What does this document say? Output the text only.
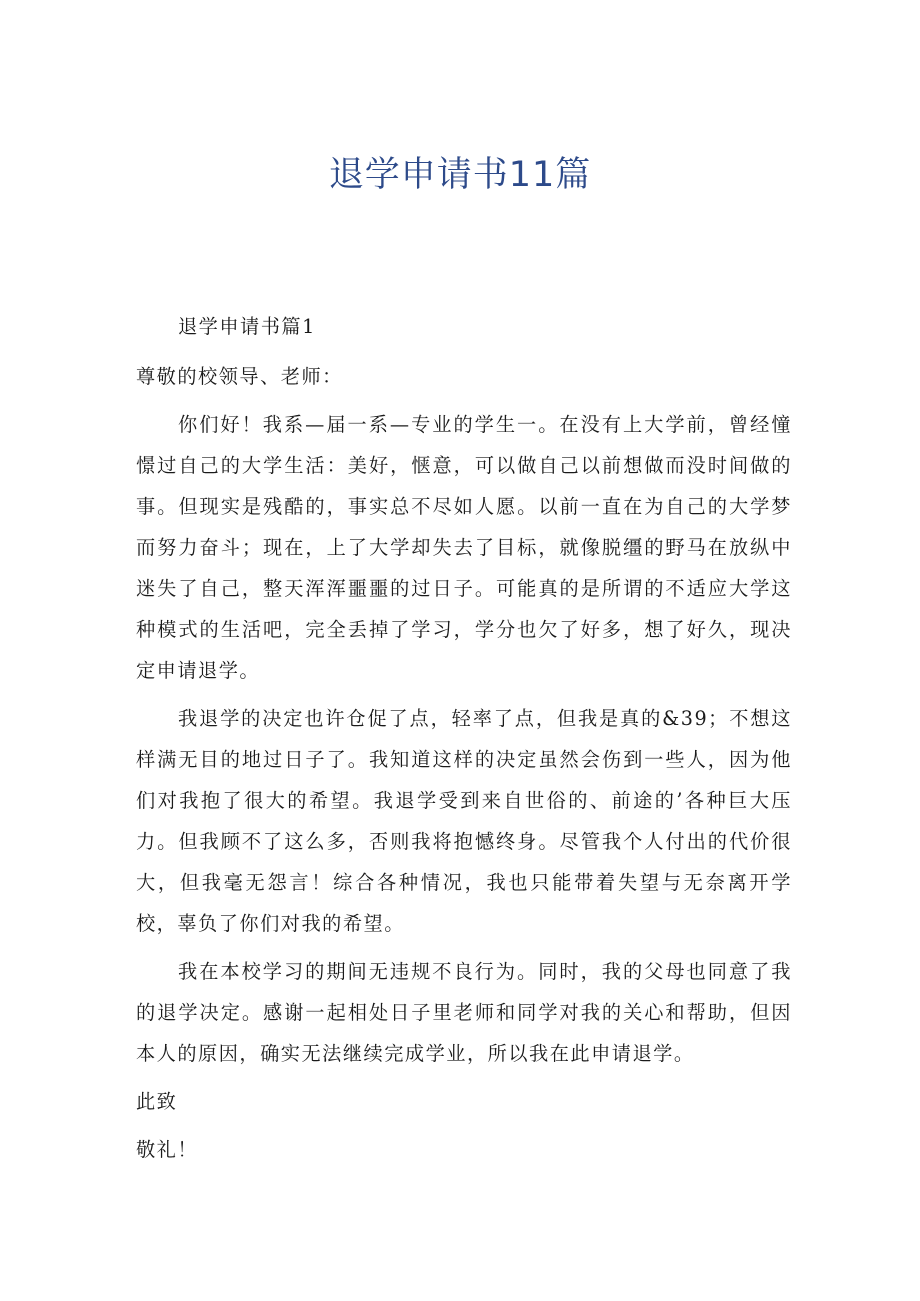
退学申请书11篇

退学申请书篇1

尊敬的校领导、老师：

你们好！我系—届一系—专业的学生一。在没有上大学前，曾经憧憬过自己的大学生活：美好，惬意，可以做自己以前想做而没时间做的事。但现实是残酷的，事实总不尽如人愿。以前一直在为自己的大学梦而努力奋斗；现在，上了大学却失去了目标，就像脱缰的野马在放纵中迷失了自己，整天浑浑噩噩的过日子。可能真的是所谓的不适应大学这种模式的生活吧，完全丢掉了学习，学分也欠了好多，想了好久，现决定申请退学。

我退学的决定也许仓促了点，轻率了点，但我是真的&39；不想这样满无目的地过日子了。我知道这样的决定虽然会伤到一些人，因为他们对我抱了很大的希望。我退学受到来自世俗的、前途的’各种巨大压力。但我顾不了这么多，否则我将抱憾终身。尽管我个人付出的代价很大，但我毫无怨言！综合各种情况，我也只能带着失望与无奈离开学校，辜负了你们对我的希望。

我在本校学习的期间无违规不良行为。同时，我的父母也同意了我的退学决定。感谢一起相处日子里老师和同学对我的关心和帮助，但因本人的原因，确实无法继续完成学业，所以我在此申请退学。

此致

敬礼！
